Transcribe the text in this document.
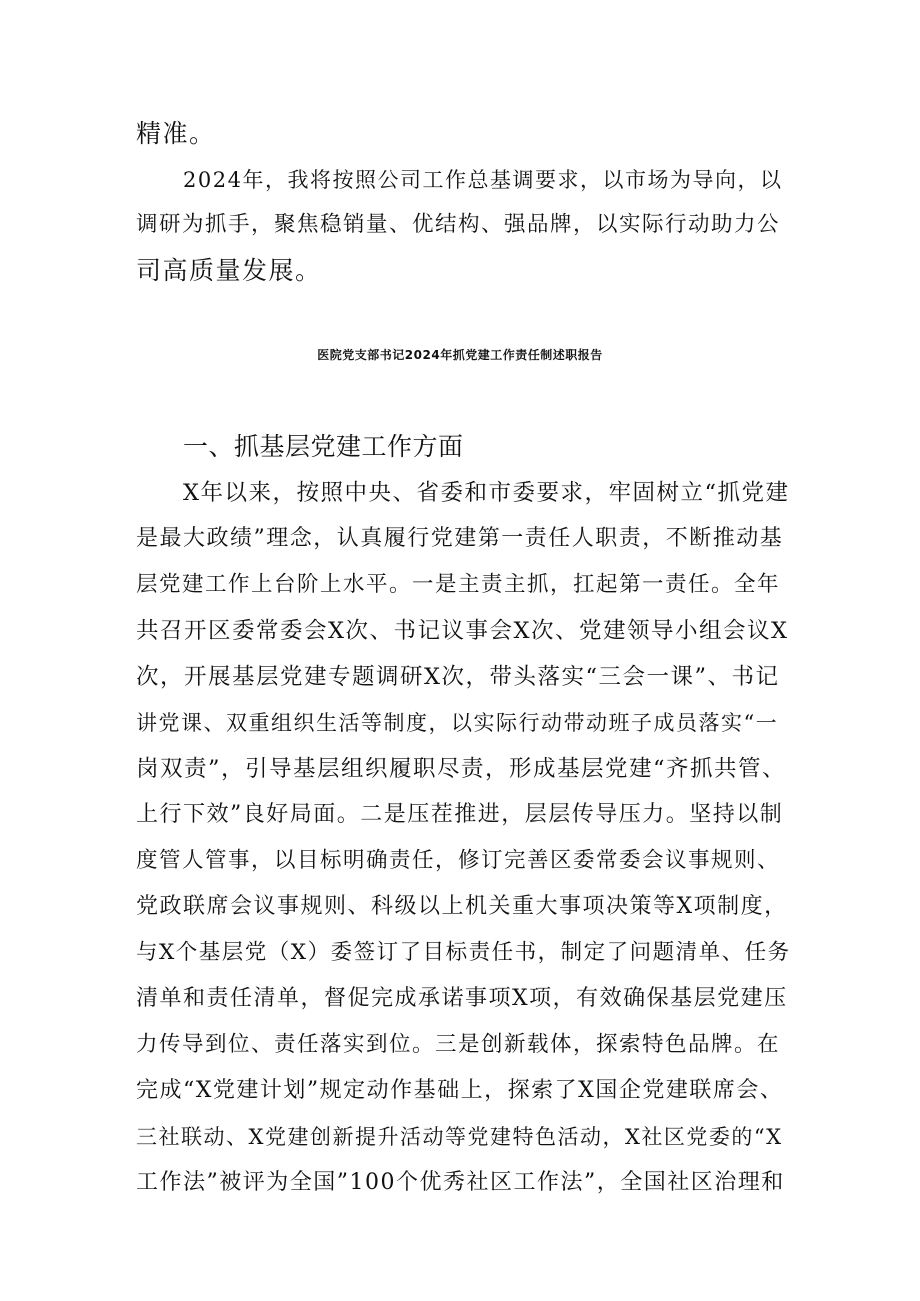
精准。
2024年，我将按照公司工作总基调要求，以市场为导向，以
调研为抓手，聚焦稳销量、优结构、强品牌，以实际行动助力公
司高质量发展。
医院党支部书记2024年抓党建工作责任制述职报告
一、抓基层党建工作方面
X年以来，按照中央、省委和市委要求，牢固树立“抓党建
是最大政绩”理念，认真履行党建第一责任人职责，不断推动基
层党建工作上台阶上水平。一是主责主抓，扛起第一责任。全年
共召开区委常委会X次、书记议事会X次、党建领导小组会议X
次，开展基层党建专题调研X次，带头落实“三会一课”、书记
讲党课、双重组织生活等制度，以实际行动带动班子成员落实“一
岗双责”，引导基层组织履职尽责，形成基层党建“齐抓共管、
上行下效”良好局面。二是压茬推进，层层传导压力。坚持以制
度管人管事，以目标明确责任，修订完善区委常委会议事规则、
党政联席会议事规则、科级以上机关重大事项决策等X项制度，
与X个基层党（X）委签订了目标责任书，制定了问题清单、任务
清单和责任清单，督促完成承诺事项X项，有效确保基层党建压
力传导到位、责任落实到位。三是创新载体，探索特色品牌。在
完成“X党建计划”规定动作基础上，探索了X国企党建联席会、
三社联动、X党建创新提升活动等党建特色活动，X社区党委的“X
工作法”被评为全国”100个优秀社区工作法”，全国社区治理和
